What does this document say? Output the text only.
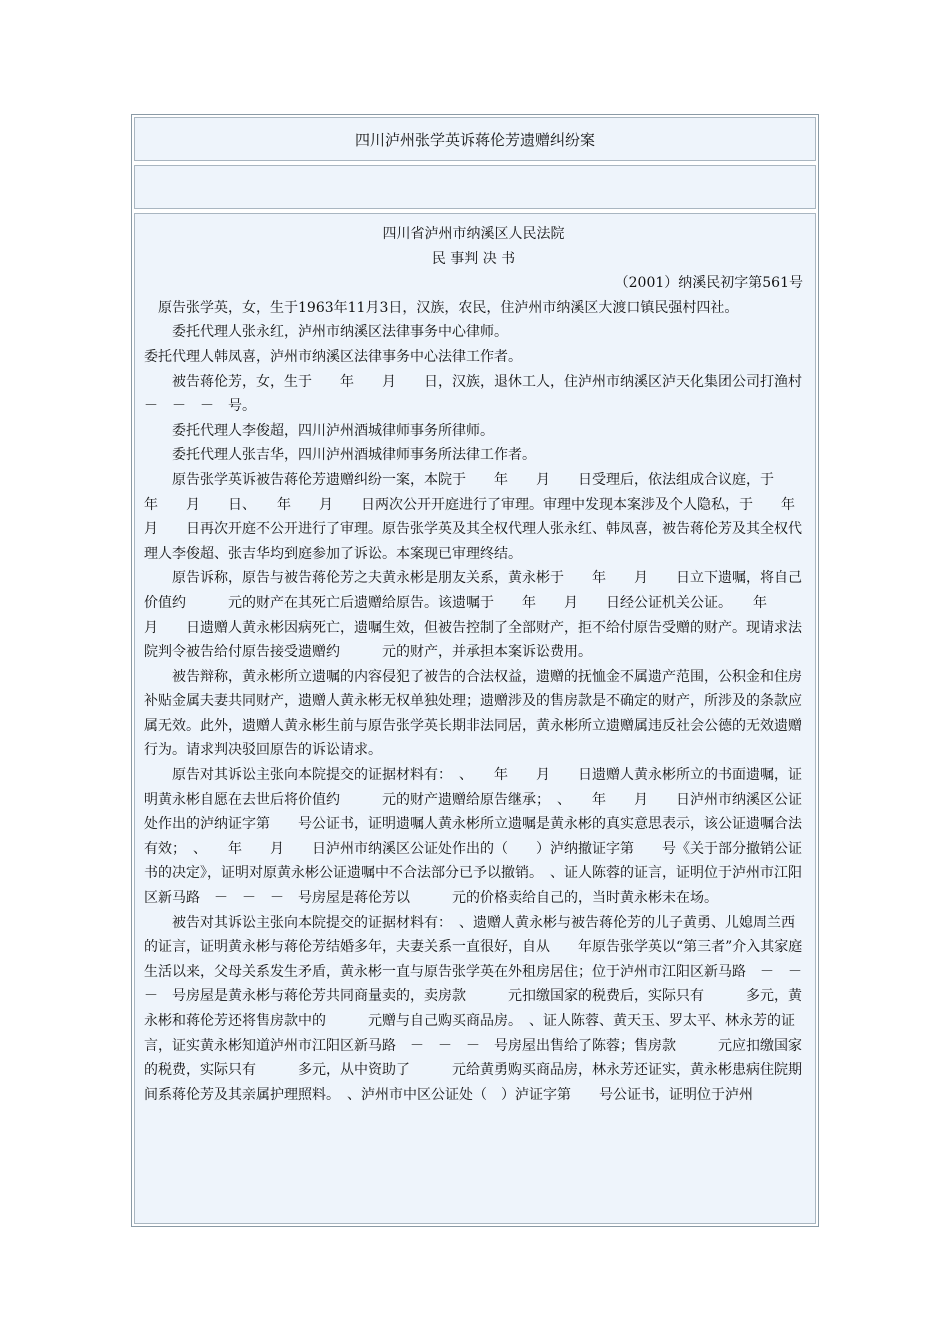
四川泸州张学英诉蒋伦芳遗赠纠纷案

四川省泸州市纳溪区人民法院

民 事判 决 书

（2001）纳溪民初字第561号

原告张学英，女，生于1963年11月3日，汉族，农民，住泸州市纳溪区大渡口镇民强村四社。

委托代理人张永红，泸州市纳溪区法律事务中心律师。

委托代理人韩凤喜，泸州市纳溪区法律事务中心法律工作者。

被告蒋伦芳，女，生于　　年　　月　　日，汉族，退休工人，住泸州市纳溪区泸天化集团公司打渔村　－　－　－　号。

委托代理人李俊超，四川泸州酒城律师事务所律师。

委托代理人张吉华，四川泸州酒城律师事务所法律工作者。

原告张学英诉被告蒋伦芳遗赠纠纷一案，本院于　　年　　月　　日受理后，依法组成合议庭，于　　年　　月　　日、　　年　　月　　日两次公开开庭进行了审理。审理中发现本案涉及个人隐私，于　　年　　月　　日再次开庭不公开进行了审理。原告张学英及其全权代理人张永红、韩凤喜，被告蒋伦芳及其全权代理人李俊超、张吉华均到庭参加了诉讼。本案现已审理终结。

原告诉称，原告与被告蒋伦芳之夫黄永彬是朋友关系，黄永彬于　　年　　月　　日立下遗嘱，将自己价值约　　　元的财产在其死亡后遗赠给原告。该遗嘱于　　年　　月　　日经公证机关公证。　　年　　月　　日遗赠人黄永彬因病死亡，遗嘱生效，但被告控制了全部财产，拒不给付原告受赠的财产。现请求法院判令被告给付原告接受遗赠约　　　元的财产，并承担本案诉讼费用。

被告辩称，黄永彬所立遗嘱的内容侵犯了被告的合法权益，遗赠的抚恤金不属遗产范围，公积金和住房补贴金属夫妻共同财产，遗赠人黄永彬无权单独处理；遗赠涉及的售房款是不确定的财产，所涉及的条款应属无效。此外，遗赠人黄永彬生前与原告张学英长期非法同居，黄永彬所立遗赠属违反社会公德的无效遗赠行为。请求判决驳回原告的诉讼请求。

原告对其诉讼主张向本院提交的证据材料有：　、　　年　　月　　日遗赠人黄永彬所立的书面遗嘱，证明黄永彬自愿在去世后将价值约　　　元的财产遗赠给原告继承；　、　　年　　月　　日泸州市纳溪区公证处作出的泸纳证字第　　号公证书，证明遗嘱人黄永彬所立遗嘱是黄永彬的真实意思表示，该公证遗嘱合法有效；　、　　年　　月　　日泸州市纳溪区公证处作出的（　　）泸纳撤证字第　　号《关于部分撤销公证书的决定》，证明对原黄永彬公证遗嘱中不合法部分已予以撤销。　、证人陈蓉的证言，证明位于泸州市江阳区新马路　－　－　－　号房屋是蒋伦芳以　　　元的价格卖给自己的，当时黄永彬未在场。

被告对其诉讼主张向本院提交的证据材料有：　、遗赠人黄永彬与被告蒋伦芳的儿子黄勇、儿媳周兰西的证言，证明黄永彬与蒋伦芳结婚多年，夫妻关系一直很好，自从　　年原告张学英以“第三者”介入其家庭生活以来，父母关系发生矛盾，黄永彬一直与原告张学英在外租房居住；位于泸州市江阳区新马路　－　－　－　号房屋是黄永彬与蒋伦芳共同商量卖的，卖房款　　　元扣缴国家的税费后，实际只有　　　多元，黄永彬和蒋伦芳还将售房款中的　　　元赠与自己购买商品房。　、证人陈蓉、黄天玉、罗太平、林永芳的证言，证实黄永彬知道泸州市江阳区新马路　－　－　－　号房屋出售给了陈蓉；售房款　　　元应扣缴国家的税费，实际只有　　　多元，从中资助了　　　元给黄勇购买商品房，林永芳还证实，黄永彬患病住院期间系蒋伦芳及其亲属护理照料。　、泸州市中区公证处（　）泸证字第　　号公证书，证明位于泸州
